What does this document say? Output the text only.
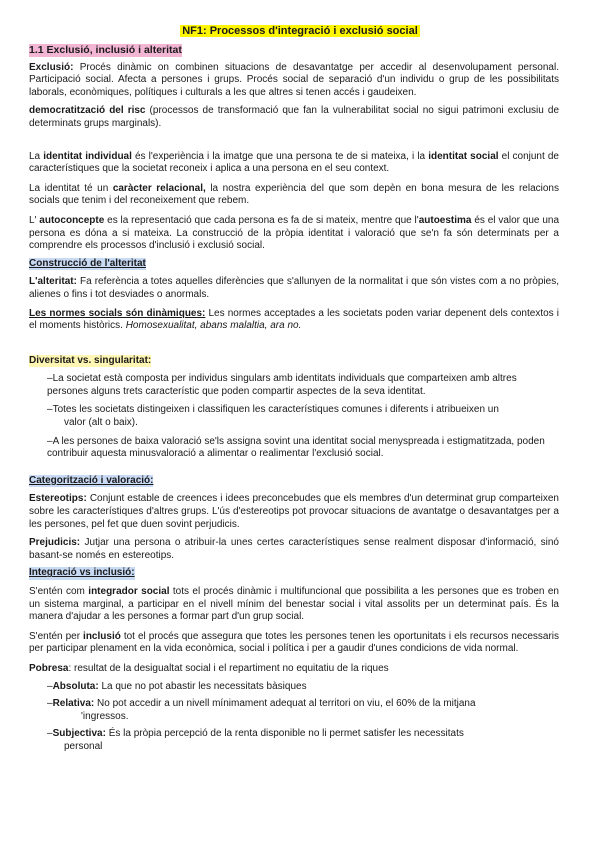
NF1: Processos d'integració i exclusió social
1.1 Exclusió, inclusió i alteritat

Exclusió: Procés dinàmic on combinen situacions de desavantatge per accedir al desenvolupament personal. Participació social. Afecta a persones i grups. Procés social de separació d'un individu o grup de les possibilitats laborals, econòmiques, polítiques i culturals a les que altres si tenen accés i gaudeixen.

democratització del risc (processos de transformació que fan la vulnerabilitat social no sigui patrimoni exclusiu de determinats grups marginals).

La identitat individual és l'experiència i la imatge que una persona te de si mateixa, i la identitat social el conjunt de característiques que la societat reconeix i aplica a una persona en el seu context.

La identitat té un caràcter relacional, la nostra experiència del que som depèn en bona mesura de les relacions socials que tenim i del reconeixement que rebem.

L' autoconcepte es la representació que cada persona es fa de si mateix, mentre que l'autoestima és el valor que una persona es dóna a si mateixa. La construcció de la pròpia identitat i valoració que se'n fa són determinats per a comprendre els processos d'inclusió i exclusió social.

Construcció de l'alteritat

L'alteritat: Fa referència a totes aquelles diferències que s'allunyen de la normalitat i que són vistes com a no pròpies, alienes o fins i tot desviades o anormals.

Les normes socials són dinàmiques: Les normes acceptades a les societats poden variar depenent dels contextos i el moments històrics. Homosexualitat, abans malaltia, ara no.

Diversitat vs. singularitat:

–La societat està composta per individus singulars amb identitats individuals que comparteixen amb altres persones alguns trets característic que poden compartir aspectes de la seva identitat.

–Totes les societats distingeixen i classifiquen les característiques comunes i diferents i atribueixen un
valor (alt o baix).

–A les persones de baixa valoració se'ls assigna sovint una identitat social menyspreada i estigmatitzada, poden contribuir aquesta minusvaloració a alimentar o realimentar l'exclusió social.

Categorització i valoració:

Estereotips: Conjunt estable de creences i idees preconcebudes que els membres d'un determinat grup comparteixen sobre les característiques d'altres grups. L'ús d'estereotips pot provocar situacions de avantatge o desavantatges per a les persones, pel fet que duen sovint perjudicis.

Prejudicis: Jutjar una persona o atribuir-la unes certes característiques sense realment disposar d'informació, sinó basant-se només en estereotips.

Integració vs inclusió:

S'entén com integrador social tots el procés dinàmic i multifuncional que possibilita a les persones que es troben en un sistema marginal, a participar en el nivell mínim del benestar social i vital assolits per un determinat país. És la manera d'ajudar a les persones a formar part d'un grup social.

S'entén per inclusió tot el procés que assegura que totes les persones tenen les oportunitats i els recursos necessaris per participar plenament en la vida econòmica, social i política i per a gaudir d'unes condicions de vida normal.

Pobresa: resultat de la desigualtat social i el repartiment no equitatiu de la riques

–Absoluta: La que no pot abastir les necessitats bàsiques

–Relativa: No pot accedir a un nivell mínimament adequat al territori on viu, el 60% de la mitjana
'ingressos.

–Subjectiva: És la pròpia percepció de la renta disponible no li permet satisfer les necessitats
personal
